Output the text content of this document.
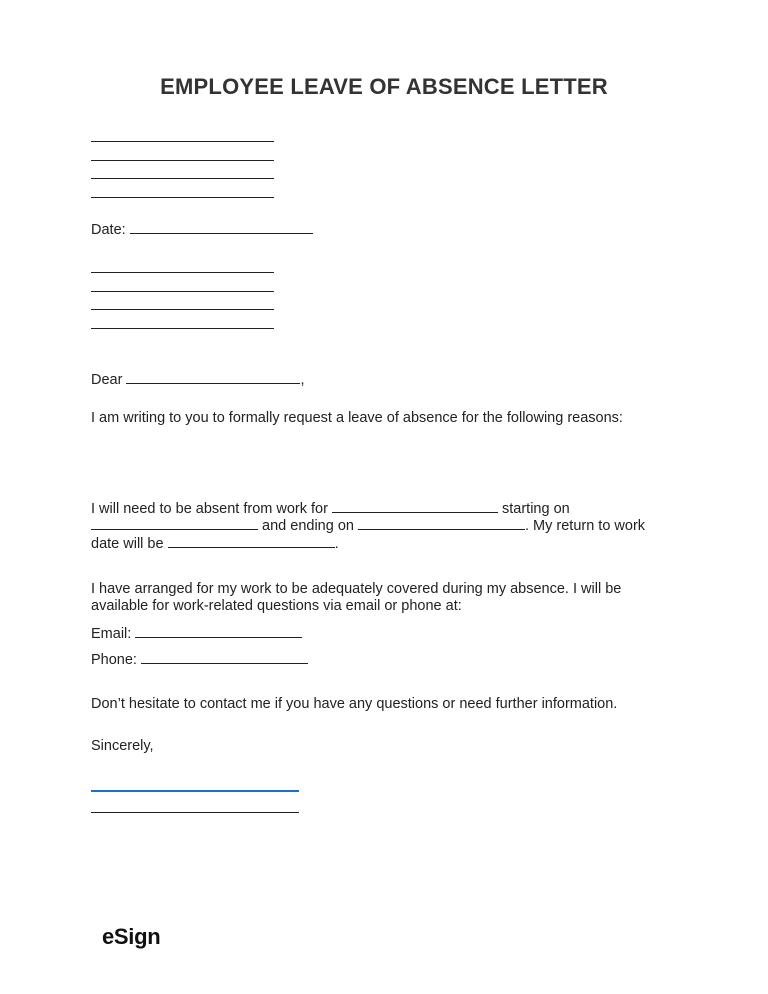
EMPLOYEE LEAVE OF ABSENCE LETTER
Date:
Dear	,
I am writing to you to formally request a leave of absence for the following reasons:
I will need to be absent from work for	starting on
and ending on	. My return to work
date will be	.
I have arranged for my work to be adequately covered during my absence. I will be
available for work-related questions via email or phone at:
Email:
Phone:
Don’t hesitate to contact me if you have any questions or need further information.
Sincerely,
eSign
